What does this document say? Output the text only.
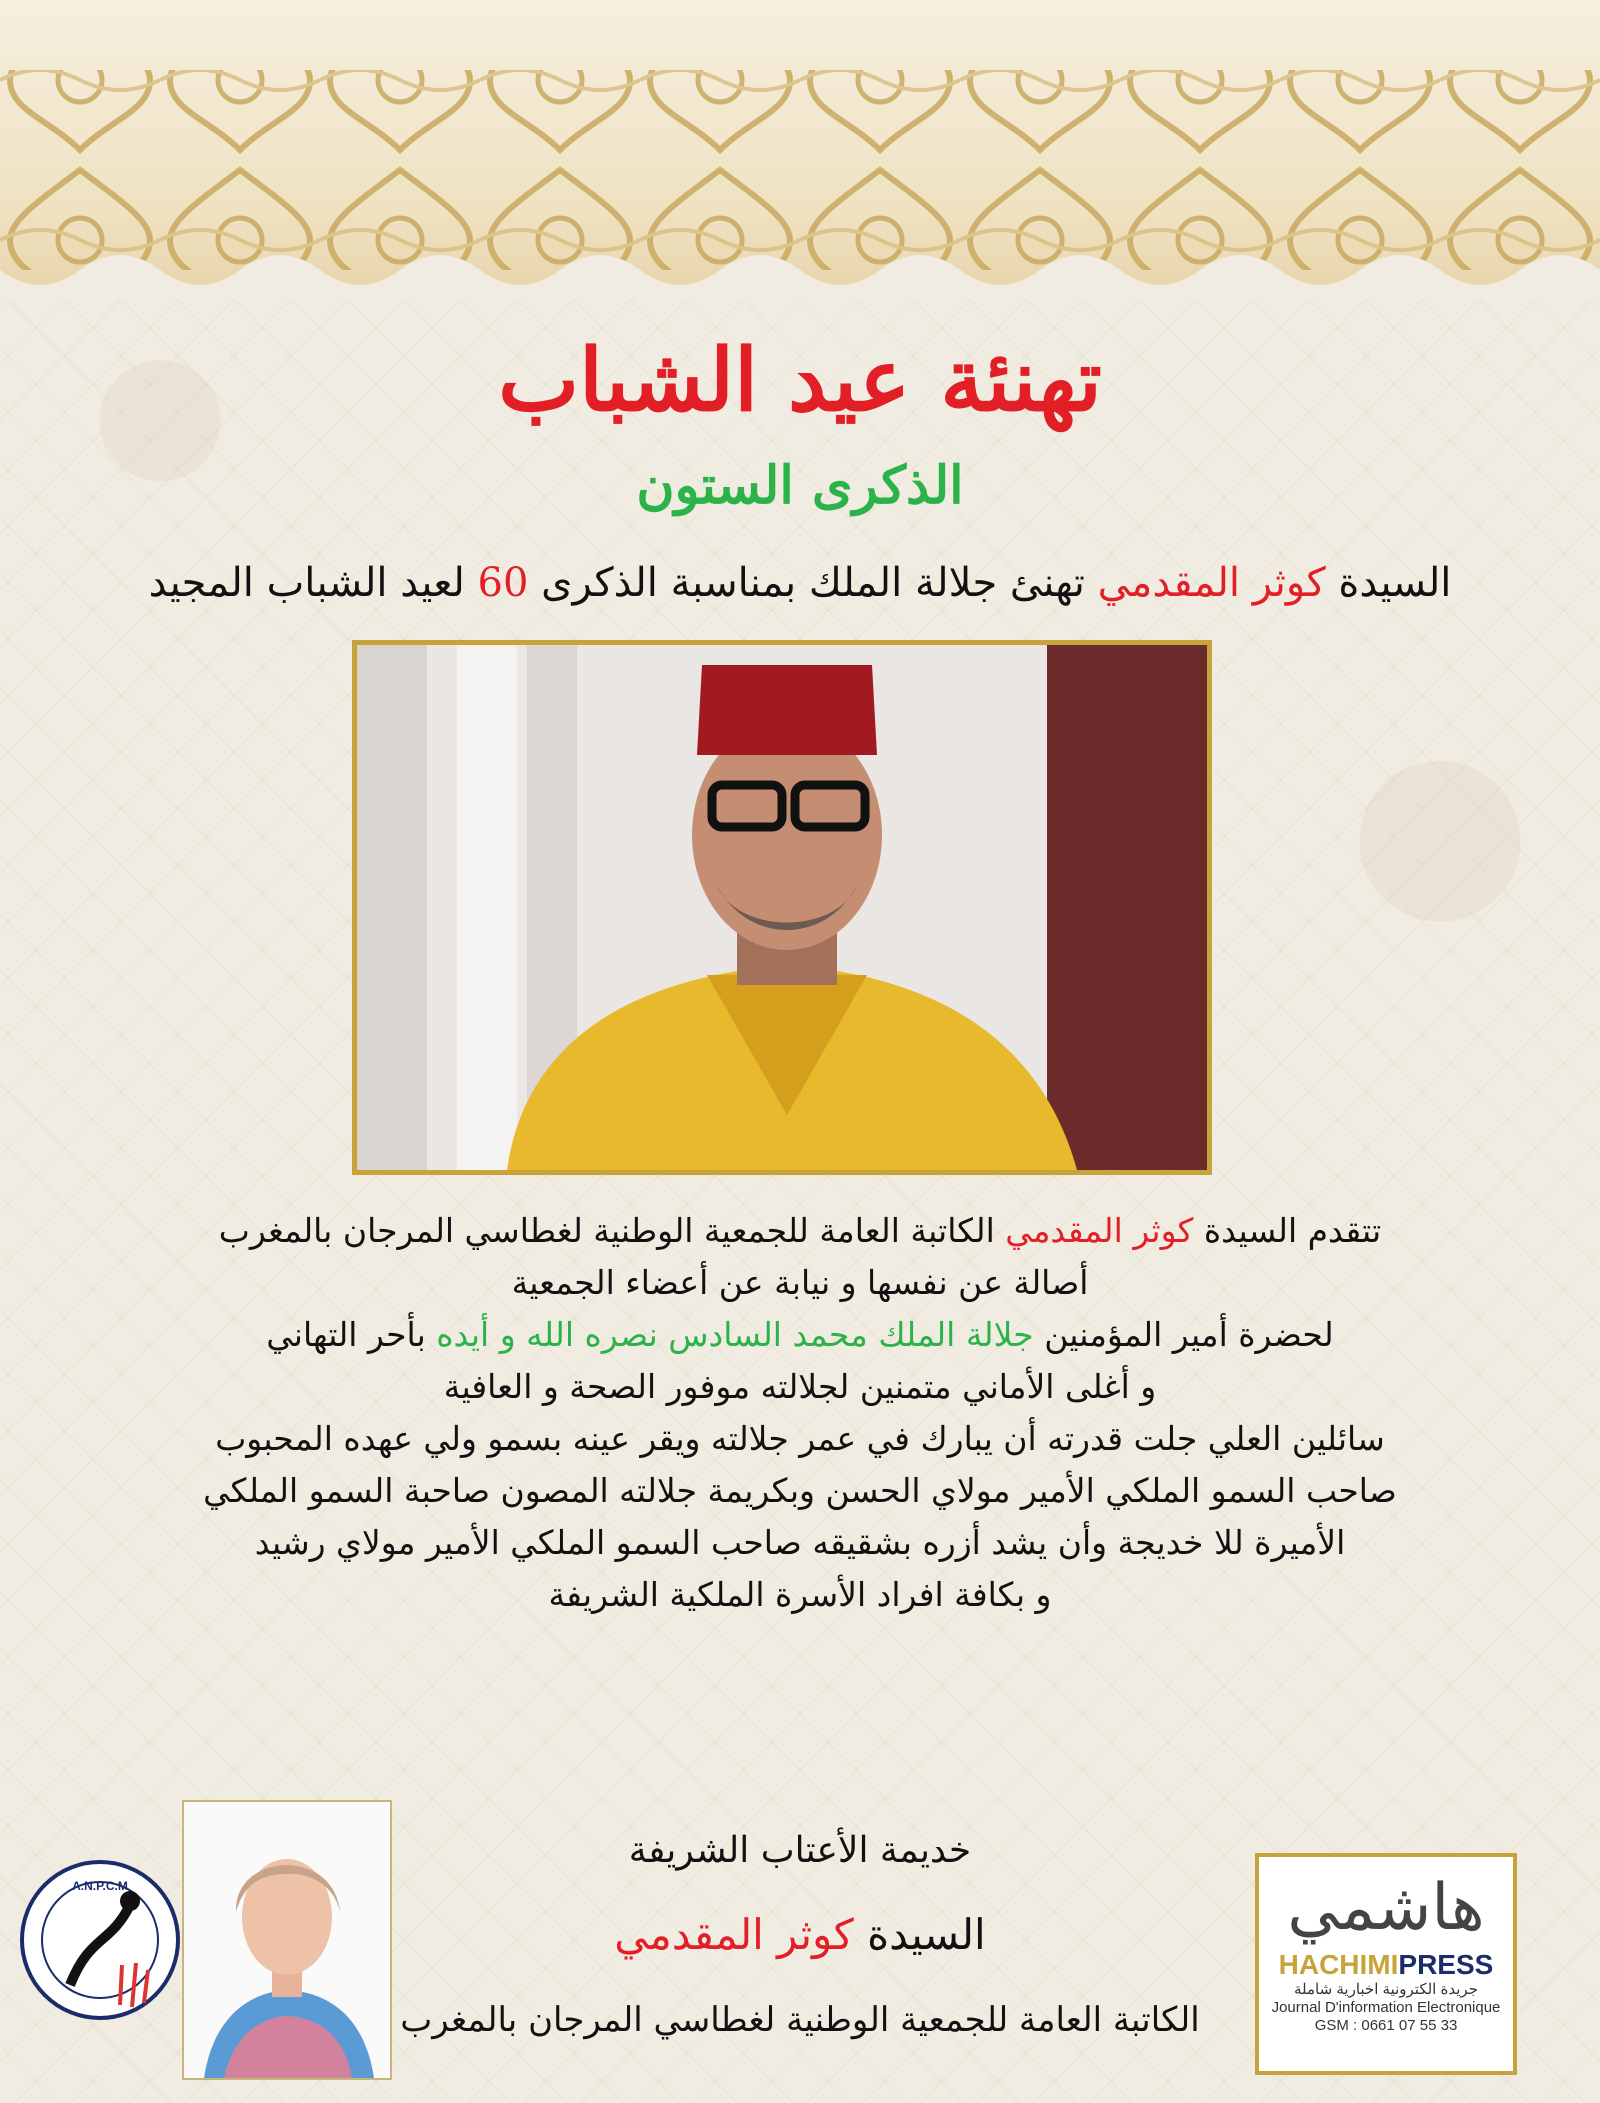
تهنئة عيد الشباب
الذكرى الستون
السيدة كوثر المقدمي تهنئ جلالة الملك بمناسبة الذكرى 60 لعيد الشباب المجيد

تتقدم السيدة كوثر المقدمي الكاتبة العامة للجمعية الوطنية لغطاسي المرجان بالمغرب

أصالة عن نفسها و نيابة عن أعضاء الجمعية

لحضرة أمير المؤمنين جلالة الملك محمد السادس نصره الله و أيده بأحر التهاني

و أغلى الأماني متمنين لجلالته موفور الصحة و العافية

سائلين العلي جلت قدرته أن يبارك في عمر جلالته ويقر عينه بسمو ولي عهده المحبوب

صاحب السمو الملكي الأمير مولاي الحسن وبكريمة جلالته المصون صاحبة السمو الملكي

الأميرة للا خديجة وأن يشد أزره بشقيقه صاحب السمو الملكي الأمير مولاي رشيد

و بكافة افراد الأسرة الملكية الشريفة

A.N.P.C.M
خديمة الأعتاب الشريفة
السيدة كوثر المقدمي
الكاتبة العامة للجمعية الوطنية لغطاسي المرجان بالمغرب
هاشمي
HACHIMIPRESS
جريدة الكترونية اخبارية شاملة
Journal D'information Electronique
GSM : 0661 07 55 33
